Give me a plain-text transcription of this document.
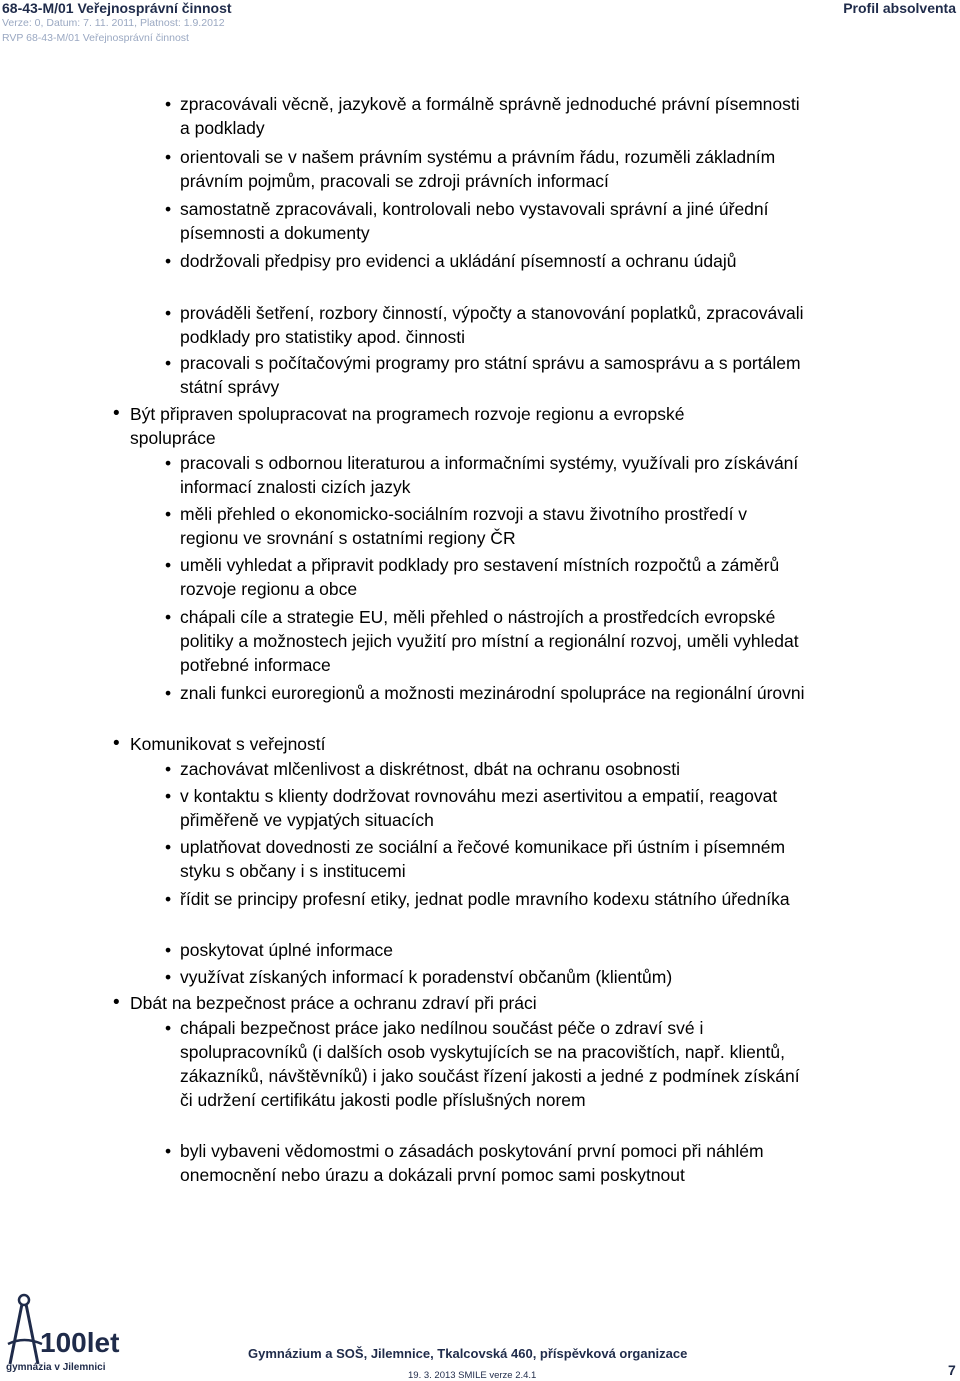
68-43-M/01 Veřejnosprávní činnost
Verze: 0, Datum: 7. 11. 2011, Platnost: 1.9.2012
RVP 68-43-M/01 Veřejnosprávní činnost
Profil absolventa
• zpracovávali věcně, jazykově a formálně správně jednoduché právní písemnosti a podklady
• orientovali se v našem právním systému a právním řádu, rozuměli základním právním pojmům, pracovali se zdroji právních informací
• samostatně zpracovávali, kontrolovali nebo vystavovali správní a jiné úřední písemnosti a dokumenty
• dodržovali předpisy pro evidenci a ukládání písemností a ochranu údajů
• prováděli šetření, rozbory činností, výpočty a stanovování poplatků, zpracovávali podklady pro statistiky apod. činnosti
• pracovali s počítačovými programy pro státní správu a samosprávu a s portálem státní správy
• Být připraven spolupracovat na programech rozvoje regionu a evropské spolupráce
• pracovali s odbornou literaturou a informačními systémy, využívali pro získávání informací znalosti cizích jazyk
• měli přehled o ekonomicko-sociálním rozvoji a stavu životního prostředí v regionu ve srovnání s ostatními regiony ČR
• uměli vyhledat a připravit podklady pro sestavení místních rozpočtů a záměrů rozvoje regionu a obce
• chápali cíle a strategie EU, měli přehled o nástrojích a prostředcích evropské politiky a možnostech jejich využití pro místní a regionální rozvoj, uměli vyhledat potřebné informace
• znali funkci euroregionů a možnosti mezinárodní spolupráce na regionální úrovni
• Komunikovat s veřejností
• zachovávat mlčenlivost a diskrétnost, dbát na ochranu osobnosti
• v kontaktu s klienty dodržovat rovnováhu mezi asertivitou a empatií, reagovat přiměřeně ve vypjatých situacích
• uplatňovat dovednosti ze sociální a řečové komunikace při ústním i písemném styku s občany i s institucemi
• řídit se principy profesní etiky, jednat podle mravního kodexu státního úředníka
• poskytovat úplné informace
• využívat získaných informací k poradenství občanům (klientům)
• Dbát na bezpečnost práce a ochranu zdraví při práci
• chápali bezpečnost práce jako nedílnou součást péče o zdraví své i spolupracovníků (i dalších osob vyskytujících se na pracovištích, např. klientů, zákazníků, návštěvníků) i jako součást řízení jakosti a jedné z podmínek získání či udržení certifikátu jakosti podle příslušných norem
• byli vybaveni vědomostmi o zásadách poskytování první pomoci při náhlém onemocnění nebo úrazu a dokázali první pomoc sami poskytnout
100let
gymnázia v Jilemnici
Gymnázium a SOŠ, Jilemnice, Tkalcovská 460, příspěvková organizace
19. 3. 2013 SMILE verze 2.4.1	7
